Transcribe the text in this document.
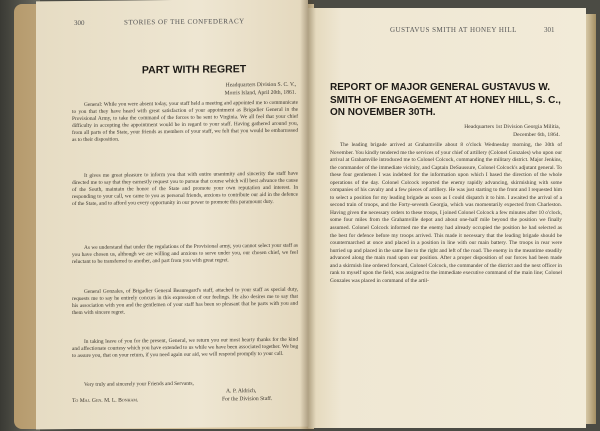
300	STORIES OF THE CONFEDERACY
PART WITH REGRET
Headquarters Division S. C. V.,
Morris Island, April 20th, 1861.

General: While you were absent today, your staff held a meeting and appointed me to communicate to you that they have heard with great satisfaction of your appointment as Brigadier General in the Provisional Army, to take the command of the forces to be sent to Virginia. We all feel that your chief difficulty in accepting the appointment would be in regard to your staff. Having gathered around you, from all parts of the State, your friends as members of your staff, we felt that you would be embarrassed as to their disposition.

It gives me great pleasure to inform you that with entire unanimity and sincerity the staff have directed me to say that they earnestly request you to pursue that course which will best advance the cause of the South, maintain the honor of the State and promote your own reputation and interest. In responding to your call, we came to you as personal friends, anxious to contribute our aid in the defence of the State, and to afford you every opportunity in our power to promote this paramount duty.

As we understand that under the regulations of the Provisional army, you cannot select your staff as you have chosen us, although we are willing and anxious to serve under you, our chosen chief, we feel reluctant to be transferred to another, and part from you with great regret.

General Gonzales, of Brigadier General Beauregard's staff, attached to your staff as special duty, requests me to say he entirely concurs in this expression of our feelings. He also desires me to say that his association with you and the gentlemen of your staff has been so pleasant that he parts with you and them with sincere regret.

In taking leave of you for the present, General, we return you our most hearty thanks for the kind and affectionate courtesy which you have extended to us while we have been associated together. We beg to assure you, that on your return, if you need again our aid, we will respond promptly to your call.

Very truly and sincerely your Friends and Servants,

A. P. Aldrich,
To Maj. Gen. M. L. Bonham.	For the Division Staff.
GUSTAVUS SMITH AT HONEY HILL	301
REPORT OF MAJOR GENERAL GUSTAVUS W. SMITH OF ENGAGEMENT AT HONEY HILL, S. C., ON NOVEMBER 30TH.
Headquarters 1st Division Georgia Militia,
December 6th, 1864.

The leading brigade arrived at Grahamville about 8 o'clock Wednesday morning, the 30th of November. You kindly tendered me the services of your chief of artillery (Colonel Gonzales) who upon our arrival at Grahamville introduced me to Colonel Colcock, commanding the military district. Major Jenkins, the commander of the immediate vicinity, and Captain DeSaussure, Colonel Colcock's adjutant general. To these four gentlemen I was indebted for the information upon which I based the direction of the whole operations of the day. Colonel Colcock reported the enemy rapidly advancing, skirmishing with some companies of his cavalry and a few pieces of artillery. He was just starting to the front and I requested him to select a position for my leading brigade as soon as I could dispatch it to him. I awaited the arrival of a second train of troops, and the Forty-seventh Georgia, which was momentarily expected from Charleston. Having given the necessary orders to these troops, I joined Colonel Colcock a few minutes after 10 o'clock, some four miles from the Grahamville depot and about one-half mile beyond the position we finally assumed. Colonel Colcock informed me the enemy had already occupied the position he had selected as the best for defence before my troops arrived. This made it necessary that the leading brigade should be countermarched at once and placed in a position in line with our main battery. The troops in rear were hurried up and placed in the same line to the right and left of the road. The enemy in the meantime steadily advanced along the main road upon our position. After a proper disposition of our forces had been made and a skirmish line ordered forward, Colonel Colcock, the commander of the district and the next officer in rank to myself upon the field, was assigned to the immediate executive command of the main line; Colonel Gonzales was placed in command of the artil-
